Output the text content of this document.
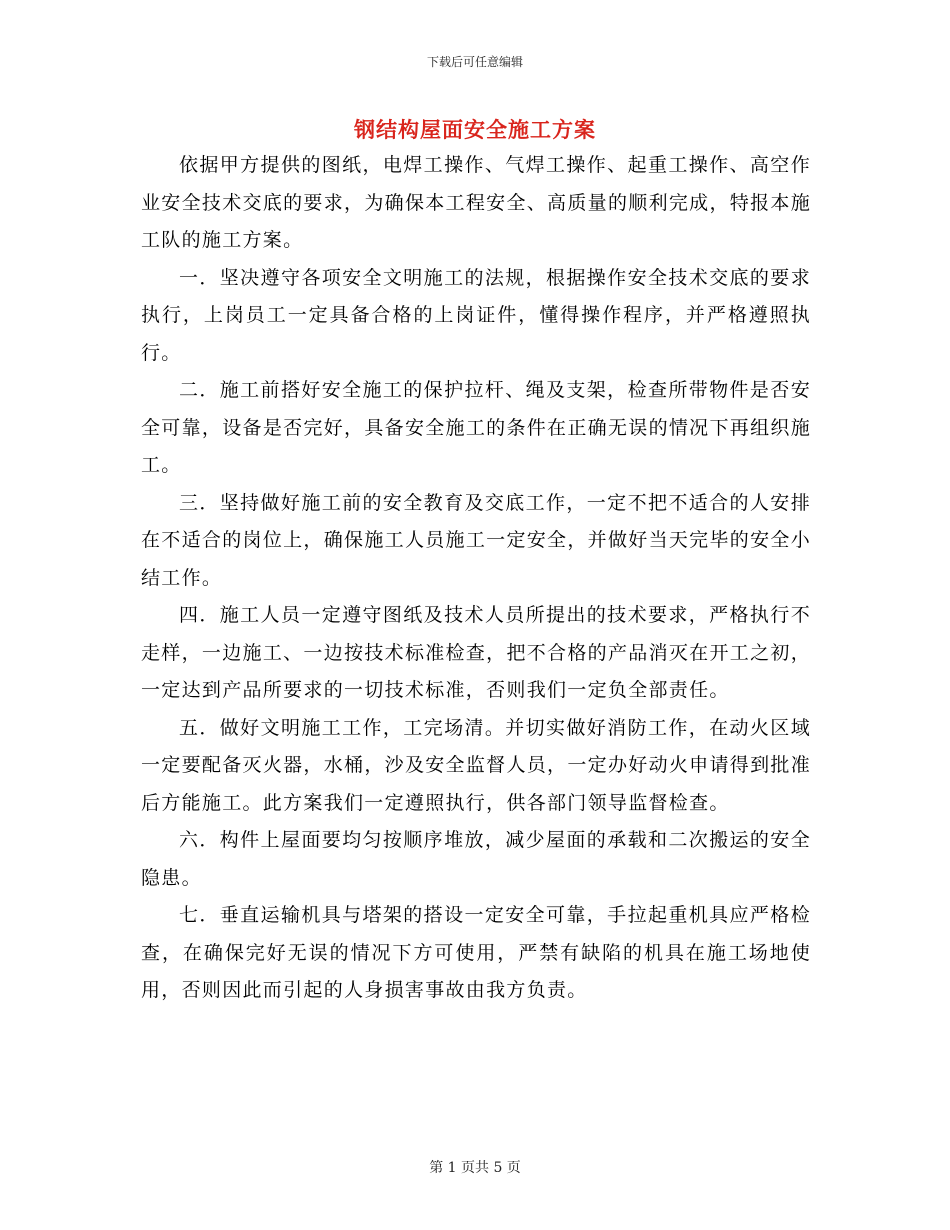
下载后可任意编辑
钢结构屋面安全施工方案

依据甲方提供的图纸，电焊工操作、气焊工操作、起重工操作、高空作业安全技术交底的要求，为确保本工程安全、高质量的顺利完成，特报本施工队的施工方案。

一．坚决遵守各项安全文明施工的法规，根据操作安全技术交底的要求执行，上岗员工一定具备合格的上岗证件，懂得操作程序，并严格遵照执行。

二．施工前搭好安全施工的保护拉杆、绳及支架，检查所带物件是否安全可靠，设备是否完好，具备安全施工的条件在正确无误的情况下再组织施工。

三．坚持做好施工前的安全教育及交底工作，一定不把不适合的人安排在不适合的岗位上，确保施工人员施工一定安全，并做好当天完毕的安全小结工作。

四．施工人员一定遵守图纸及技术人员所提出的技术要求，严格执行不走样，一边施工、一边按技术标准检查，把不合格的产品消灭在开工之初，一定达到产品所要求的一切技术标准，否则我们一定负全部责任。

五．做好文明施工工作，工完场清。并切实做好消防工作，在动火区域一定要配备灭火器，水桶，沙及安全监督人员，一定办好动火申请得到批准后方能施工。此方案我们一定遵照执行，供各部门领导监督检查。

六．构件上屋面要均匀按顺序堆放，减少屋面的承载和二次搬运的安全隐患。

七．垂直运输机具与塔架的搭设一定安全可靠，手拉起重机具应严格检查，在确保完好无误的情况下方可使用，严禁有缺陷的机具在施工场地使用，否则因此而引起的人身损害事故由我方负责。

第 1 页共 5 页
